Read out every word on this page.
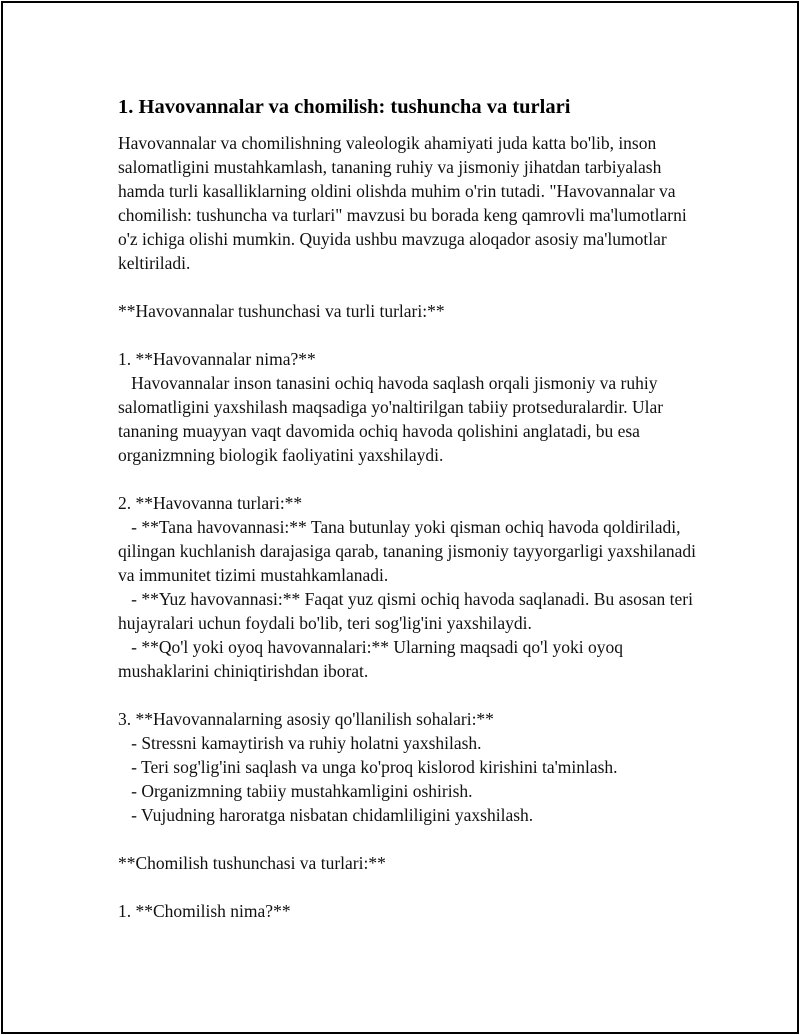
1. Havovannalar va chomilish: tushuncha va turlari

Havovannalar va chomilishning valeologik ahamiyati juda katta bo'lib, inson salomatligini mustahkamlash, tananing ruhiy va jismoniy jihatdan tarbiyalash hamda turli kasalliklarning oldini olishda muhim o'rin tutadi. "Havovannalar va chomilish: tushuncha va turlari" mavzusi bu borada keng qamrovli ma'lumotlarni o'z ichiga olishi mumkin. Quyida ushbu mavzuga aloqador asosiy ma'lumotlar keltiriladi.

**Havovannalar tushunchasi va turli turlari:**

1. **Havovannalar nima?**

Havovannalar inson tanasini ochiq havoda saqlash orqali jismoniy va ruhiy salomatligini yaxshilash maqsadiga yo'naltirilgan tabiiy protseduralardir. Ular tananing muayyan vaqt davomida ochiq havoda qolishini anglatadi, bu esa organizmning biologik faoliyatini yaxshilaydi.

2. **Havovanna turlari:**

- **Tana havovannasi:** Tana butunlay yoki qisman ochiq havoda qoldiriladi, qilingan kuchlanish darajasiga qarab, tananing jismoniy tayyorgarligi yaxshilanadi va immunitet tizimi mustahkamlanadi.

- **Yuz havovannasi:** Faqat yuz qismi ochiq havoda saqlanadi. Bu asosan teri hujayralari uchun foydali bo'lib, teri sog'lig'ini yaxshilaydi.

- **Qo'l yoki oyoq havovannalari:** Ularning maqsadi qo'l yoki oyoq mushaklarini chiniqtirishdan iborat.

3. **Havovannalarning asosiy qo'llanilish sohalari:**

- Stressni kamaytirish va ruhiy holatni yaxshilash.

- Teri sog'lig'ini saqlash va unga ko'proq kislorod kirishini ta'minlash.

- Organizmning tabiiy mustahkamligini oshirish.

- Vujudning haroratga nisbatan chidamliligini yaxshilash.

**Chomilish tushunchasi va turlari:**

1. **Chomilish nima?**
